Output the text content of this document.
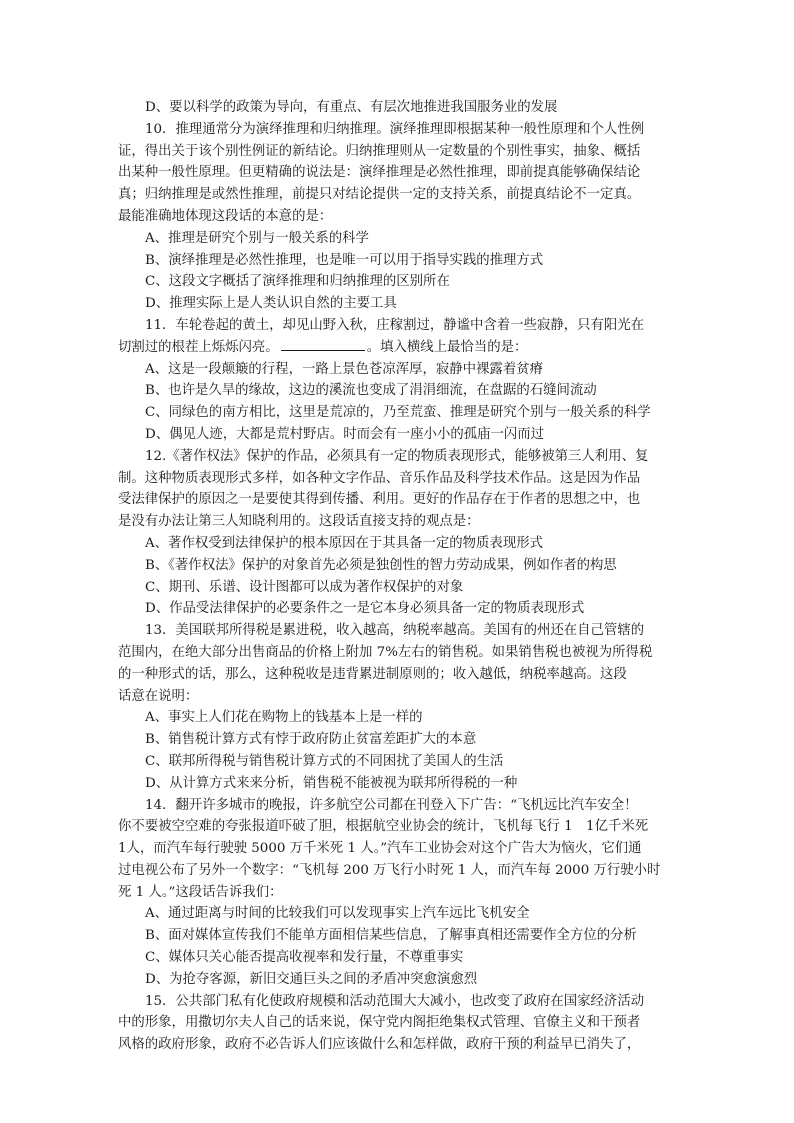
D、要以科学的政策为导向，有重点、有层次地推进我国服务业的发展
10．推理通常分为演绎推理和归纳推理。演绎推理即根据某种一般性原理和个人性例
证，得出关于该个别性例证的新结论。归纳推理则从一定数量的个别性事实，抽象、概括
出某种一般性原理。但更精确的说法是：演绎推理是必然性推理，即前提真能够确保结论
真；归纳推理是或然性推理，前提只对结论提供一定的支持关系，前提真结论不一定真。
最能准确地体现这段话的本意的是：
A、推理是研究个别与一般关系的科学
B、演绎推理是必然性推理，也是唯一可以用于指导实践的推理方式
C、这段文字概括了演绎推理和归纳推理的区别所在
D、推理实际上是人类认识自然的主要工具
11．车轮卷起的黄土，却见山野入秋，庄稼割过，静谧中含着一些寂静，只有阳光在
切割过的根茬上烁烁闪亮。	。填入横线上最恰当的是：
A、这是一段颠簸的行程，一路上景色苍凉浑厚，寂静中裸露着贫瘠
B、也许是久旱的缘故，这边的溪流也变成了涓涓细流，在盘踞的石缝间流动
C、同绿色的南方相比，这里是荒凉的，乃至荒蛮、推理是研究个别与一般关系的科学
D、偶见人迹，大都是荒村野店。时而会有一座小小的孤庙一闪而过
12.《著作权法》保护的作品，必须具有一定的物质表现形式，能够被第三人利用、复
制。这种物质表现形式多样，如各种文字作品、音乐作品及科学技术作品。这是因为作品
受法律保护的原因之一是要使其得到传播、利用。更好的作品存在于作者的思想之中，也
是没有办法让第三人知晓利用的。这段话直接支持的观点是：
A、著作权受到法律保护的根本原因在于其具备一定的物质表现形式
B、《著作权法》保护的对象首先必须是独创性的智力劳动成果，例如作者的构思
C、期刊、乐谱、设计图都可以成为著作权保护的对象
D、作品受法律保护的必要条件之一是它本身必须具备一定的物质表现形式
13．美国联邦所得税是累进税，收入越高，纳税率越高。美国有的州还在自己管辖的
范围内，在绝大部分出售商品的价格上附加 7%左右的销售税。如果销售税也被视为所得税
的一种形式的话，那么，这种税收是违背累进制原则的；收入越低，纳税率越高。这段
话意在说明：
A、事实上人们花在购物上的钱基本上是一样的
B、销售税计算方式有悖于政府防止贫富差距扩大的本意
C、联邦所得税与销售税计算方式的不同困扰了美国人的生活
D、从计算方式来来分析，销售税不能被视为联邦所得税的一种
14．翻开许多城市的晚报，许多航空公司都在刊登入下广告：“飞机远比汽车安全！
你不要被空空难的夸张报道吓破了胆，根据航空业协会的统计，飞机每飞行 1　1亿千米死
1人，而汽车每行驶驶 5000 万千米死 1 人。”汽车工业协会对这个广告大为恼火，它们通
过电视公布了另外一个数字：“飞机每 200 万飞行小时死 1 人，而汽车每 2000 万行驶小时
死 1 人。”这段话告诉我们：
A、通过距离与时间的比较我们可以发现事实上汽车远比飞机安全
B、面对媒体宣传我们不能单方面相信某些信息，了解事真相还需要作全方位的分析
C、媒体只关心能否提高收视率和发行量，不尊重事实
D、为抢夺客源，新旧交通巨头之间的矛盾冲突愈演愈烈
15．公共部门私有化使政府规模和活动范围大大减小，也改变了政府在国家经济活动
中的形象，用撒切尔夫人自己的话来说，保守党内阁拒绝集权式管理、官僚主义和干预者
风格的政府形象，政府不必告诉人们应该做什么和怎样做，政府干预的利益早已消失了，
